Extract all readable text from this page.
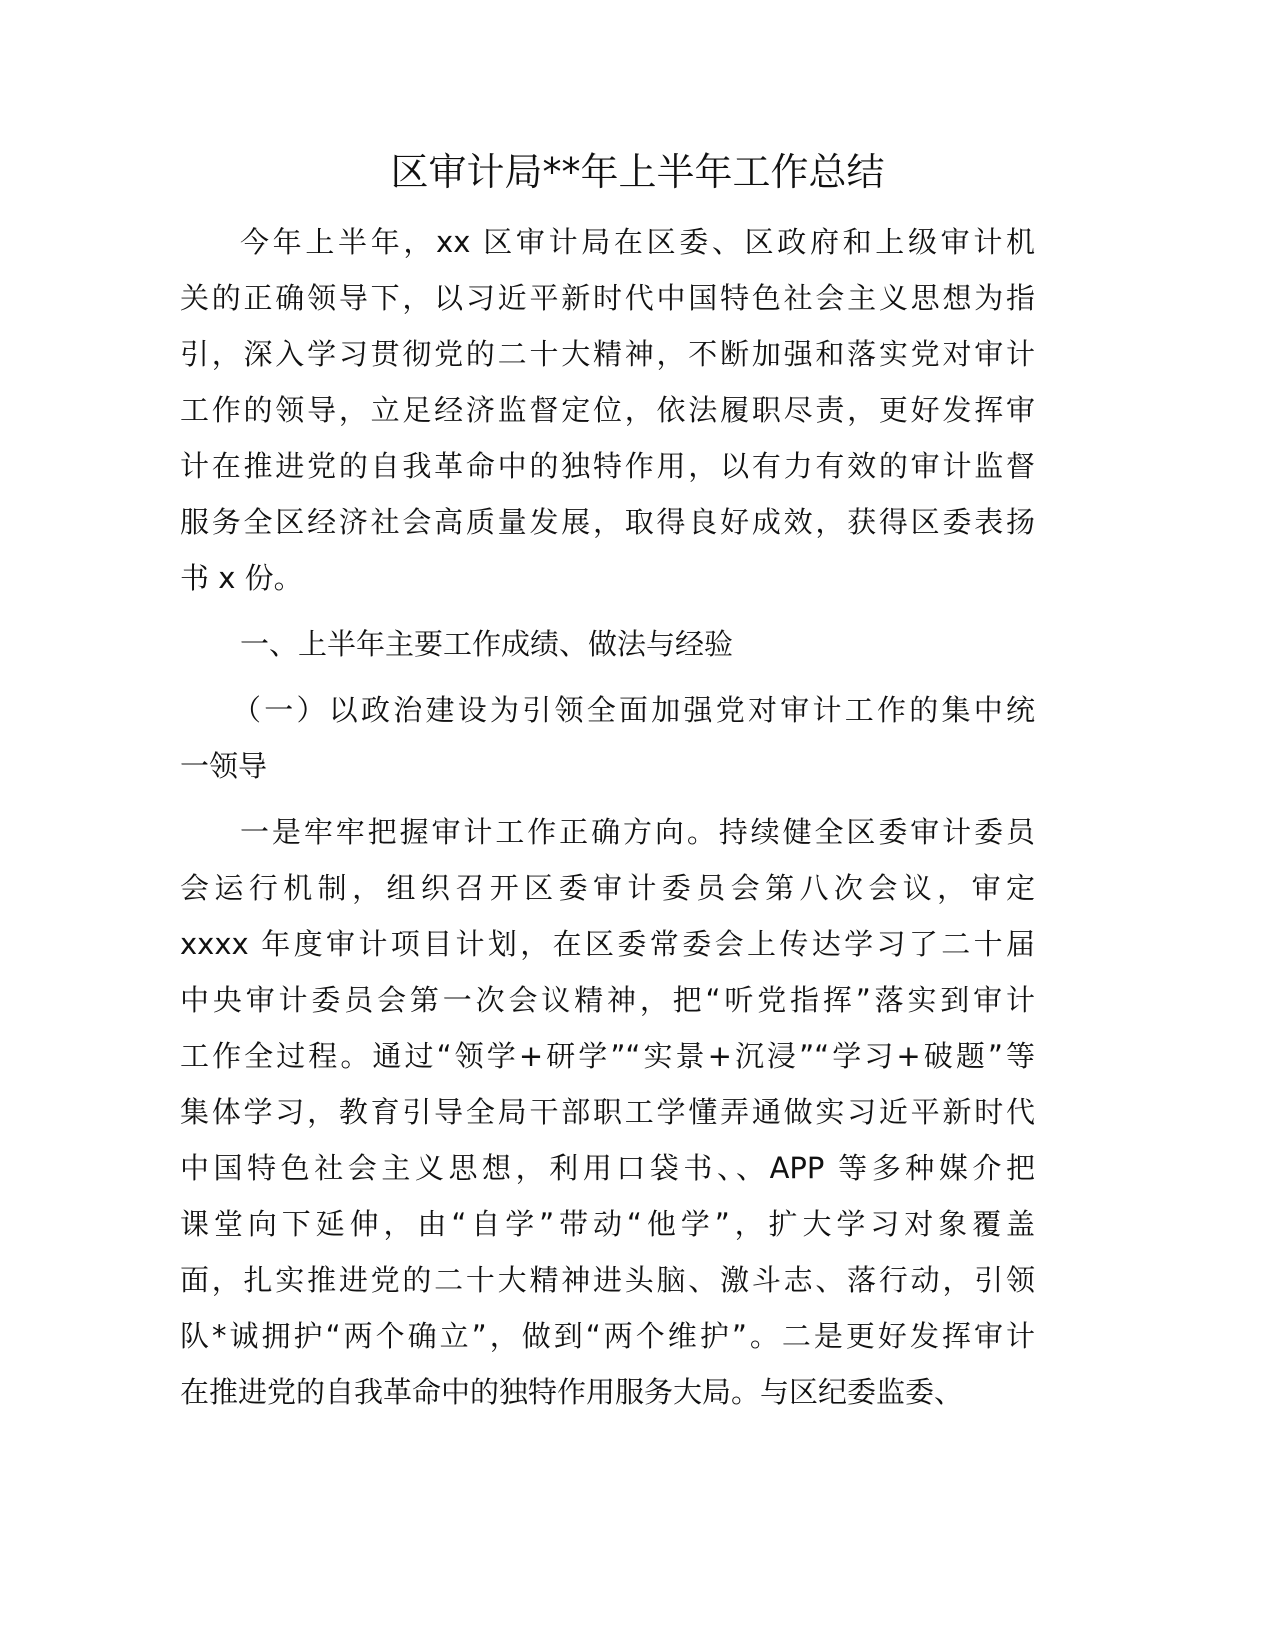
区审计局**年上半年工作总结
今年上半年，xx 区审计局在区委、区政府和上级审计机
关的正确领导下，以习近平新时代中国特色社会主义思想为指
引，深入学习贯彻党的二十大精神，不断加强和落实党对审计
工作的领导，立足经济监督定位，依法履职尽责，更好发挥审
计在推进党的自我革命中的独特作用，以有力有效的审计监督
服务全区经济社会高质量发展，取得良好成效，获得区委表扬
书 x 份。
一、上半年主要工作成绩、做法与经验
（一）以政治建设为引领全面加强党对审计工作的集中统
一领导
一是牢牢把握审计工作正确方向。持续健全区委审计委员
会运行机制，组织召开区委审计委员会第八次会议，审定
xxxx 年度审计项目计划，在区委常委会上传达学习了二十届
中央审计委员会第一次会议精神，把“听党指挥”落实到审计
工作全过程。通过“领学+研学”“实景+沉浸”“学习+破题”等
集体学习，教育引导全局干部职工学懂弄通做实习近平新时代
中国特色社会主义思想，利用口袋书、、APP 等多种媒介把
课堂向下延伸，由“自学”带动“他学”，扩大学习对象覆盖
面，扎实推进党的二十大精神进头脑、激斗志、落行动，引领
队*诚拥护“两个确立”，做到“两个维护”。二是更好发挥审计
在推进党的自我革命中的独特作用服务大局。与区纪委监委、
